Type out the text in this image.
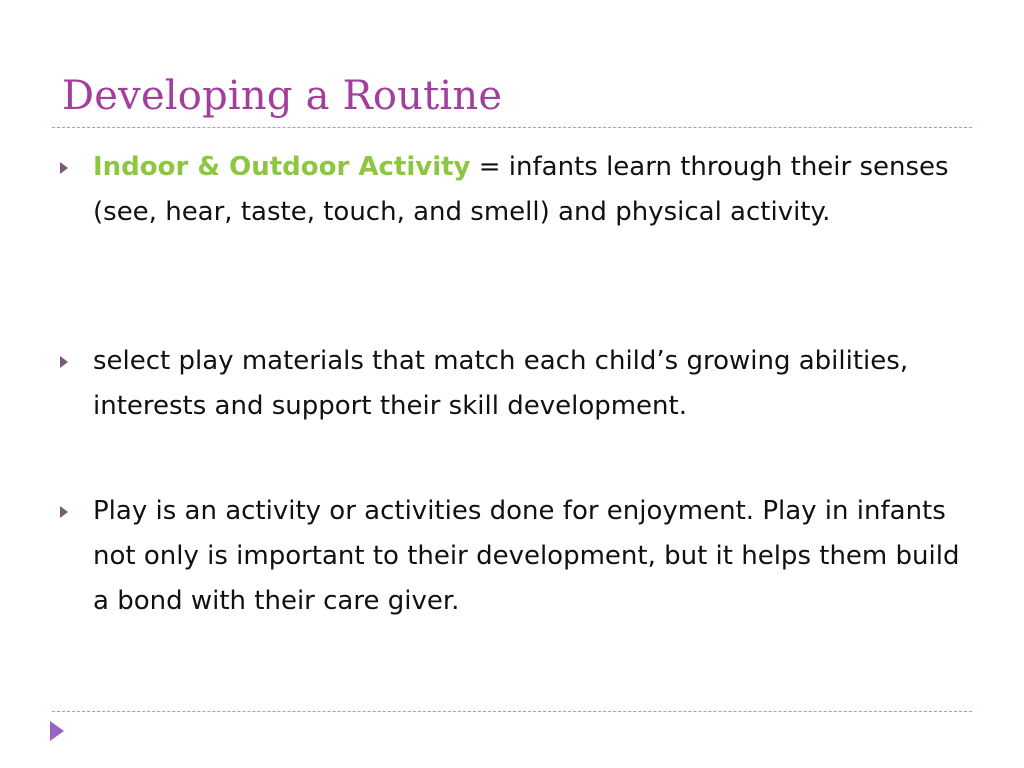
Developing a Routine

Indoor & Outdoor Activity = infants learn through their senses (see, hear, taste, touch, and smell) and physical activity.

select play materials that match each child’s growing abilities, interests and support their skill development.

Play is an activity or activities done for enjoyment. Play in infants not only is important to their development, but it helps them build a bond with their care giver.
